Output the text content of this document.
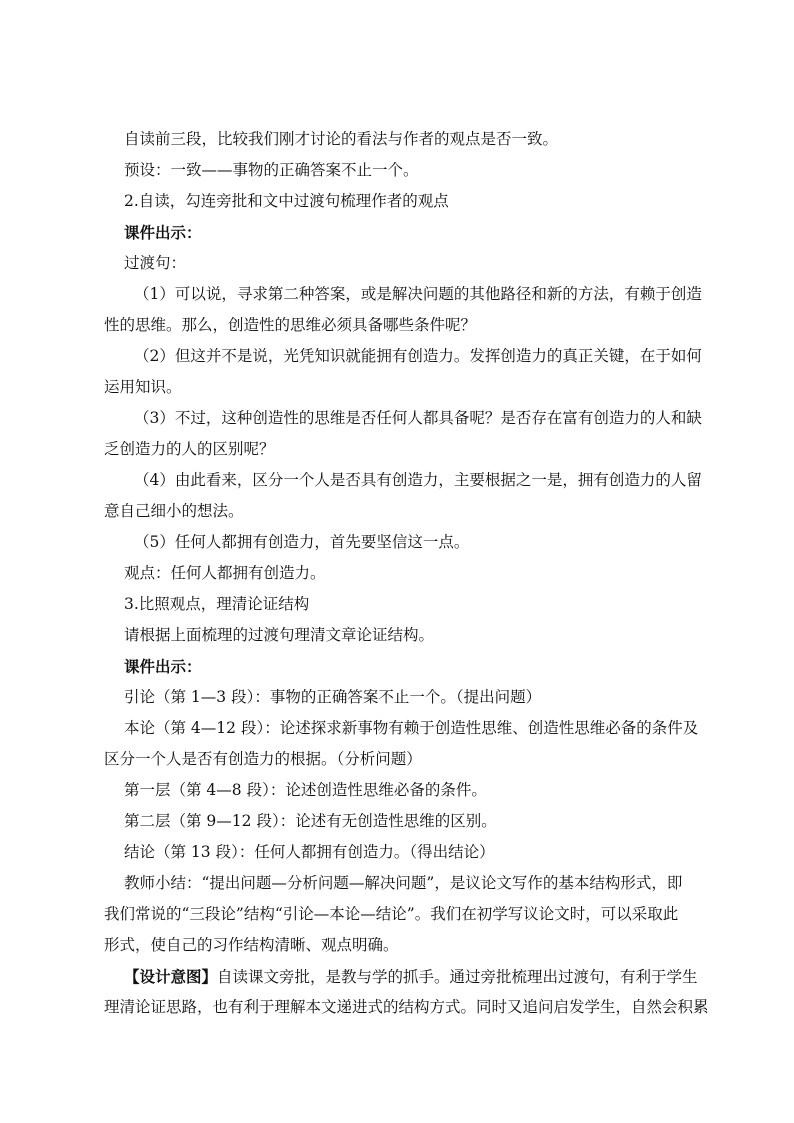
自读前三段，比较我们刚才讨论的看法与作者的观点是否一致。
预设：一致——事物的正确答案不止一个。
2.自读，勾连旁批和文中过渡句梳理作者的观点
课件出示：
过渡句：
（1）可以说，寻求第二种答案，或是解决问题的其他路径和新的方法，有赖于创造
性的思维。那么，创造性的思维必须具备哪些条件呢？
（2）但这并不是说，光凭知识就能拥有创造力。发挥创造力的真正关键，在于如何
运用知识。
（3）不过，这种创造性的思维是否任何人都具备呢？是否存在富有创造力的人和缺
乏创造力的人的区别呢？
（4）由此看来，区分一个人是否具有创造力，主要根据之一是，拥有创造力的人留
意自己细小的想法。
（5）任何人都拥有创造力，首先要坚信这一点。
观点：任何人都拥有创造力。
3.比照观点，理清论证结构
请根据上面梳理的过渡句理清文章论证结构。
课件出示：
引论（第 1—3 段）：事物的正确答案不止一个。（提出问题）
本论（第 4—12 段）：论述探求新事物有赖于创造性思维、创造性思维必备的条件及
区分一个人是否有创造力的根据。（分析问题）
第一层（第 4—8 段）：论述创造性思维必备的条件。
第二层（第 9—12 段）：论述有无创造性思维的区别。
结论（第 13 段）：任何人都拥有创造力。（得出结论）
教师小结：“提出问题—分析问题—解决问题”，是议论文写作的基本结构形式，即
我们常说的“三段论”结构“引论—本论—结论”。我们在初学写议论文时，可以采取此
形式，使自己的习作结构清晰、观点明确。
【设计意图】自读课文旁批，是教与学的抓手。通过旁批梳理出过渡句，有利于学生
理清论证思路，也有利于理解本文递进式的结构方式。同时又追问启发学生，自然会积累
